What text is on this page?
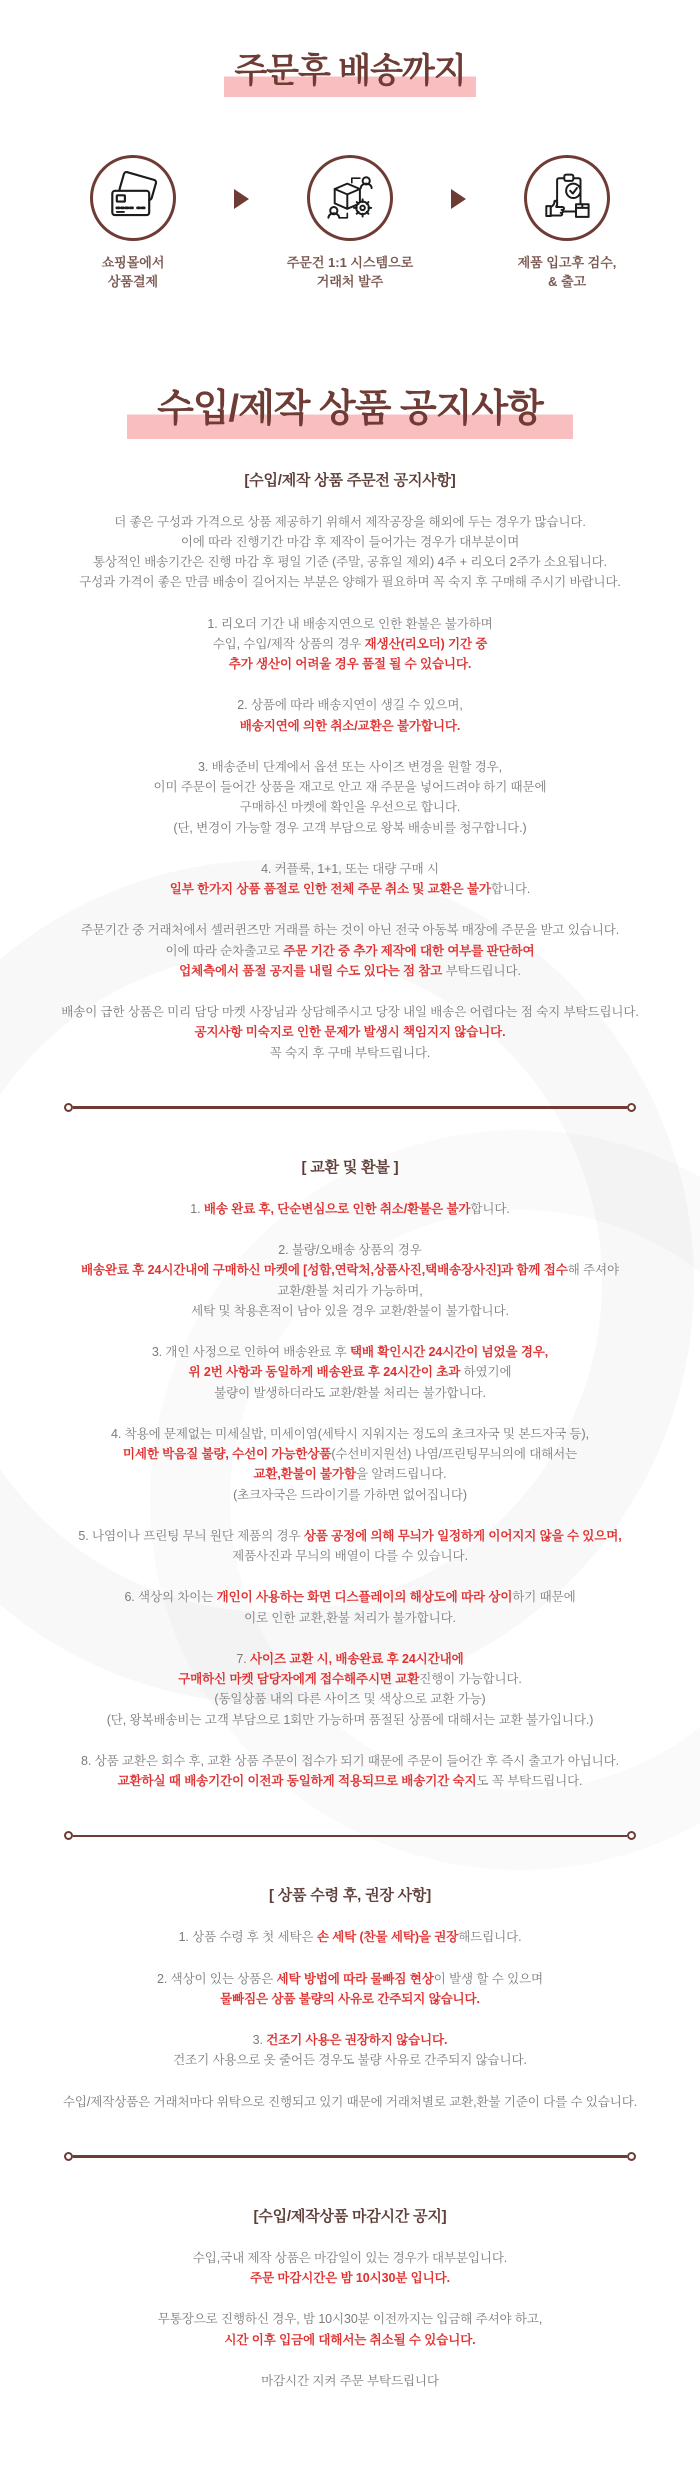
주문후 배송까지
쇼핑몰에서
상품결제
주문건 1:1 시스템으로
거래처 발주
제품 입고후 검수,
& 출고
수입/제작 상품 공지사항
[수입/제작 상품 주문전 공지사항]

더 좋은 구성과 가격으로 상품 제공하기 위해서 제작공장을 해외에 두는 경우가 많습니다.
이에 따라 진행기간 마감 후 제작이 들어가는 경우가 대부분이며
통상적인 배송기간은 진행 마감 후 평일 기준 (주말, 공휴일 제외) 4주 + 리오더 2주가 소요됩니다.
구성과 가격이 좋은 만큼 배송이 길어지는 부분은 양해가 필요하며 꼭 숙지 후 구매해 주시기 바랍니다.

1. 리오더 기간 내 배송지연으로 인한 환불은 불가하며
수입, 수입/제작 상품의 경우 재생산(리오더) 기간 중
추가 생산이 어려울 경우 품절 될 수 있습니다.

2. 상품에 따라 배송지연이 생길 수 있으며,
배송지연에 의한 취소/교환은 불가합니다.

3. 배송준비 단계에서 옵션 또는 사이즈 변경을 원할 경우,
이미 주문이 들어간 상품을 재고로 안고 재 주문을 넣어드려야 하기 때문에
구매하신 마켓에 확인을 우선으로 합니다.
(단, 변경이 가능할 경우 고객 부담으로 왕복 배송비를 청구합니다.)

4. 커플룩, 1+1, 또는 대량 구매 시
일부 한가지 상품 품절로 인한 전체 주문 취소 및 교환은 불가합니다.

주문기간 중 거래처에서 셀러퀸즈만 거래를 하는 것이 아닌 전국 아동복 매장에 주문을 받고 있습니다.
이에 따라 순차출고로 주문 기간 중 추가 제작에 대한 여부를 판단하여
업체측에서 품절 공지를 내릴 수도 있다는 점 참고 부탁드립니다.

배송이 급한 상품은 미리 담당 마켓 사장님과 상담해주시고 당장 내일 배송은 어렵다는 점 숙지 부탁드립니다.
공지사항 미숙지로 인한 문제가 발생시 책임지지 않습니다.
꼭 숙지 후 구매 부탁드립니다.

[ 교환 및 환불 ]

1. 배송 완료 후, 단순변심으로 인한 취소/환불은 불가합니다.

2. 불량/오배송 상품의 경우
배송완료 후 24시간내에 구매하신 마켓에 [성함,연락처,상품사진,택배송장사진]과 함께 접수해 주셔야
교환/환불 처리가 가능하며,
세탁 및 착용흔적이 남아 있을 경우 교환/환불이 불가합니다.

3. 개인 사정으로 인하여 배송완료 후 택배 확인시간 24시간이 넘었을 경우,
위 2번 사항과 동일하게 배송완료 후 24시간이 초과 하였기에
불량이 발생하더라도 교환/환불 처리는 불가합니다.

4. 착용에 문제없는 미세실밥, 미세이염(세탁시 지워지는 정도의 초크자국 및 본드자국 등),
미세한 박음질 불량, 수선이 가능한상품(수선비지원선) 나염/프린팅무늬의에 대해서는
교환,환불이 불가함을 알려드립니다.
(초크자국은 드라이기를 가하면 없어집니다)

5. 나염이나 프린팅 무늬 원단 제품의 경우 상품 공정에 의해 무늬가 일정하게 이어지지 않을 수 있으며,
제품사진과 무늬의 배열이 다를 수 있습니다.

6. 색상의 차이는 개인이 사용하는 화면 디스플레이의 해상도에 따라 상이하기 때문에
이로 인한 교환,환불 처리가 불가합니다.

7. 사이즈 교환 시, 배송완료 후 24시간내에
구매하신 마켓 담당자에게 접수해주시면 교환진행이 가능합니다.
(동일상품 내의 다른 사이즈 및 색상으로 교환 가능)
(단, 왕복배송비는 고객 부담으로 1회만 가능하며 품절된 상품에 대해서는 교환 불가입니다.)

8. 상품 교환은 회수 후, 교환 상품 주문이 접수가 되기 때문에 주문이 들어간 후 즉시 출고가 아닙니다.
교환하실 때 배송기간이 이전과 동일하게 적용되므로 배송기간 숙지도 꼭 부탁드립니다.

[ 상품 수령 후, 권장 사항]

1. 상품 수령 후 첫 세탁은 손 세탁 (찬물 세탁)을 권장해드립니다.

2. 색상이 있는 상품은 세탁 방법에 따라 물빠짐 현상이 발생 할 수 있으며
물빠짐은 상품 불량의 사유로 간주되지 않습니다.

3. 건조기 사용은 권장하지 않습니다.
건조기 사용으로 옷 줄어든 경우도 불량 사유로 간주되지 않습니다.

수입/제작상품은 거래처마다 위탁으로 진행되고 있기 때문에 거래처별로 교환,환불 기준이 다를 수 있습니다.

[수입/제작상품 마감시간 공지]

수입,국내 제작 상품은 마감일이 있는 경우가 대부분입니다.
주문 마감시간은 밤 10시30분 입니다.

무통장으로 진행하신 경우, 밤 10시30분 이전까지는 입금해 주셔야 하고,
시간 이후 입금에 대해서는 취소될 수 있습니다.

마감시간 지켜 주문 부탁드립니다
